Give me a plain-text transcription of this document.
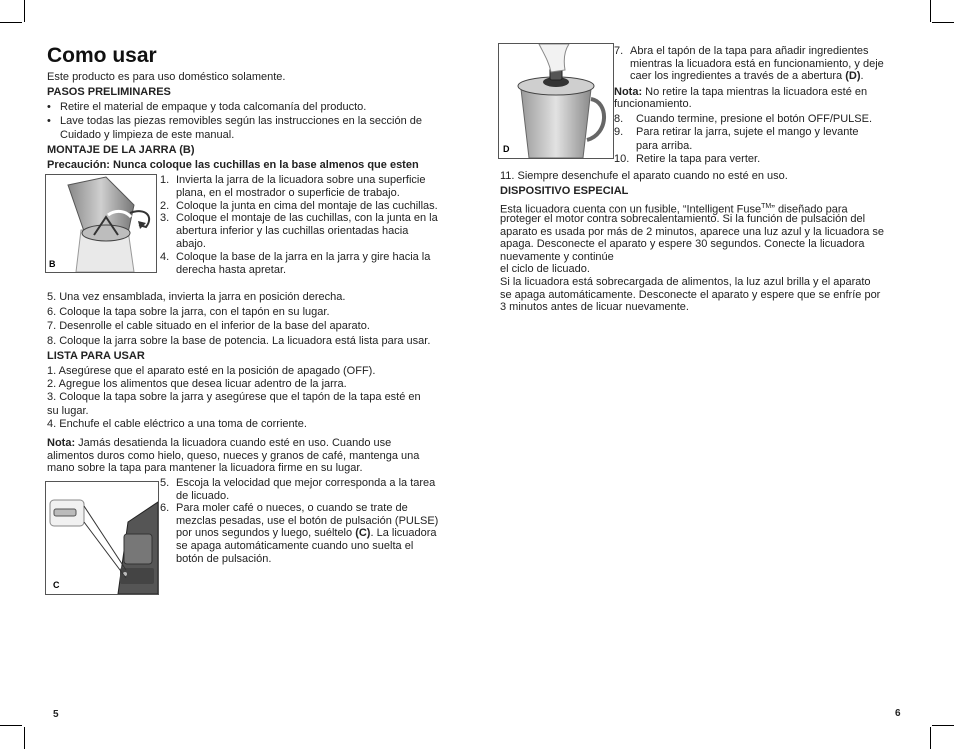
Como usar
Este producto es para uso doméstico solamente.
PASOS PRELIMINARES
• Retire el material de empaque y toda calcomanía del producto.
• Lave todas las piezas removibles según las instrucciones en la sección de
Cuidado y limpieza de este manual.
MONTAJE DE LA JARRA (B)
Precaución: Nunca coloque las cuchillas en la base almenos que esten
B
1. Invierta la jarra de la licuadora sobre una superficie
plana, en el mostrador o superficie de trabajo.
2. Coloque la junta en cima del montaje de las cuchillas.
3. Coloque el montaje de las cuchillas, con la junta en la
abertura inferior y las cuchillas orientadas hacia
abajo.
4. Coloque la base de la jarra en la jarra y gire hacia la
derecha hasta apretar.
5. Una vez ensamblada, invierta la jarra en posición derecha.
6. Coloque la tapa sobre la jarra, con el tapón en su lugar.
7. Desenrolle el cable situado en el inferior de la base del aparato.
8. Coloque la jarra sobre la base de potencia. La licuadora está lista para usar.
LISTA PARA USAR
1. Asegúrese que el aparato esté en la posición de apagado (OFF).
2. Agregue los alimentos que desea licuar adentro de la jarra.
3. Coloque la tapa sobre la jarra y asegúrese que el tapón de la tapa esté en
su lugar.
4. Enchufe el cable eléctrico a una toma de corriente.
Nota: Jamás desatienda la licuadora cuando esté en uso. Cuando use
alimentos duros como hielo, queso, nueces y granos de café, mantenga una
mano sobre la tapa para mantener la licuadora firme en su lugar.
C
5. Escoja la velocidad que mejor corresponda a la tarea
de licuado.
6. Para moler café o nueces, o cuando se trate de
mezclas pesadas, use el botón de pulsación (PULSE)
por unos segundos y luego, suéltelo (C). La licuadora
se apaga automáticamente cuando uno suelta el
botón de pulsación.
5
D
7. Abra el tapón de la tapa para añadir ingredientes
mientras la licuadora está en funcionamiento, y deje
caer los ingredientes a través de a abertura (D).
Nota: No retire la tapa mientras la licuadora esté en
funcionamiento.
8. Cuando termine, presione el botón OFF/PULSE.
9. Para retirar la jarra, sujete el mango y levante
para arriba.
10. Retire la tapa para verter.
11. Siempre desenchufe el aparato cuando no esté en uso.
DISPOSITIVO ESPECIAL
Esta licuadora cuenta con un fusible, “Intelligent Fuse™” diseñado para
proteger el motor contra sobrecalentamiento. Si la función de pulsación del
aparato es usada por más de 2 minutos, aparece una luz azul y la licuadora se
apaga. Desconecte el aparato y espere 30 segundos. Conecte la licuadora
nuevamente y continúe
el ciclo de licuado.
Si la licuadora está sobrecargada de alimentos, la luz azul brilla y el aparato
se apaga automáticamente. Desconecte el aparato y espere que se enfríe por
3 minutos antes de licuar nuevamente.
6
